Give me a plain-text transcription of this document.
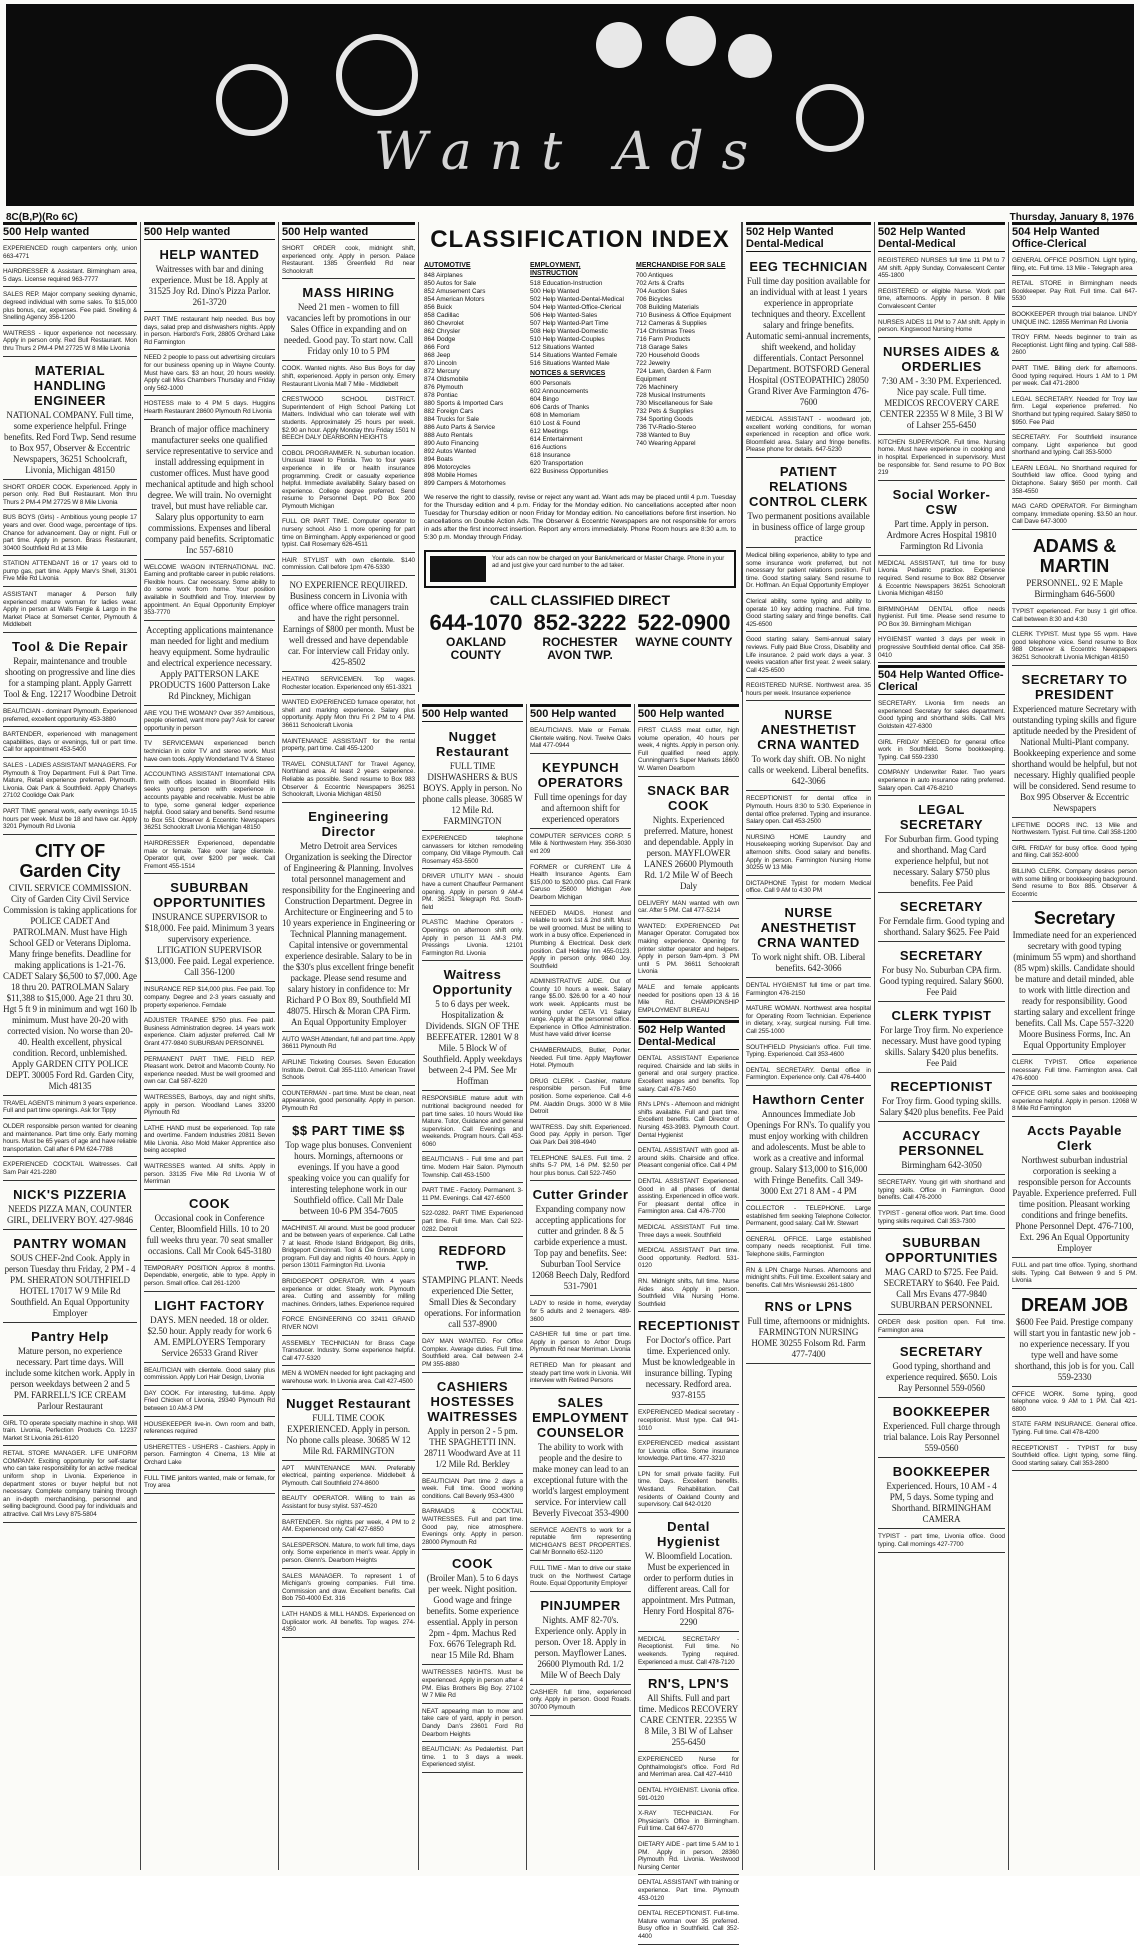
Want Ads
8C(B,P)(Ro 6C)	Thursday, January 8, 1976
500 Help wanted
EXPERIENCED rough carpenters only, union 663-4771
HAIRDRESSER & Assistant. Birmingham area, 5 days. License required 963-7777
SALES REP. Major company seeking dynamic, degreed individual with some sales. To $15,000 plus bonus, car, expenses. Fee paid. Snelling & Snelling Agency 356-1200
WAITRESS - liquor experience not necessary. Apply in person only. Red Bull Restaurant. Mon thru Thurs 2 PM-4 PM 27725 W 8 Mile Livonia
MATERIAL HANDLING ENGINEER
NATIONAL COMPANY. Full time, some experience helpful. Fringe benefits. Red Ford Twp. Send resume to Box 957, Observer & Eccentric Newspapers, 36251 Schoolcraft, Livonia, Michigan 48150
SHORT ORDER COOK. Experienced. Apply in person only. Red Bull Restaurant. Mon thru Thurs 2 PM-4 PM 27725 W 8 Mile Livonia
BUS BOYS (Girls) - Ambitious young people 17 years and over. Good wage, percentage of tips. Chance for advancement. Day or night. Full or part time. Apply in person. Brass Restaurant, 30400 Southfield Rd at 13 Mile
STATION ATTENDANT 16 or 17 years old to pump gas, part time. Apply Marv's Shell, 31301 Five Mile Rd Livonia
ASSISTANT manager & Person fully experienced mature woman for ladies wear. Apply in person at Walls Fergie & Largo in the Market Place at Somerset Center, Plymouth & Middlebelt
Tool & Die Repair
Repair, maintenance and trouble shooting on progressive and line dies for a stamping plant. Apply Garrett Tool & Eng. 12217 Woodbine Detroit
BEAUTICIAN - dominant Plymouth. Experienced preferred, excellent opportunity 453-3880
BARTENDER, experienced with management capabilities, days or evenings, full or part time. Call for appointment 453-5400
SALES - LADIES ASSISTANT MANAGERS. For Plymouth & Troy Department. Full & Part Time. Mature, Retail experience preferred. Plymouth. Livonia. Oak Park & Southfield. Apply Charleys 27102 Coolidge Oak Park
PART TIME general work, early evenings 10-15 hours per week. Must be 18 and have car. Apply 3201 Plymouth Rd Livonia
CITY OF Garden City
CIVIL SERVICE COMMISSION. City of Garden City Civil Service Commission is taking applications for POLICE CADET And PATROLMAN. Must have High School GED or Veterans Diploma. Many fringe benefits. Deadline for making applications is 1-21-76. CADET Salary $6,500 to $7,000. Age 18 thru 20. PATROLMAN Salary $11,388 to $15,000. Age 21 thru 30. Hgt 5 ft 9 in minimum and wgt 160 lb minimum. Must have 20-20 with corrected vision. No worse than 20-40. Health excellent, physical condition. Record, unblemished. Apply GARDEN CITY POLICE DEPT. 30005 Ford Rd. Garden City, Mich 48135
TRAVEL AGENTS minimum 3 years experience. Full and part time openings. Ask for Tippy
OLDER responsible person wanted for cleaning and maintenance. Part time only. Early morning hours. Must be 65 years of age and have reliable transportation. Call after 6 PM 624-7788
EXPERIENCED COCKTAIL Waitresses. Call Sam Pair 421-2280
NICK'S PIZZERIA
NEEDS PIZZA MAN, COUNTER GIRL, DELIVERY BOY. 427-9846
PANTRY WOMAN
SOUS CHEF-2nd Cook. Apply in person Tuesday thru Friday, 2 PM - 4 PM. SHERATON SOUTHFIELD HOTEL 17017 W 9 Mile Rd Southfield. An Equal Opportunity Employer
Pantry Help
Mature person, no experience necessary. Part time days. Will include some kitchen work. Apply in person weekdays between 2 and 5 PM. FARRELL'S ICE CREAM Parlour Restaurant
GIRL TO operate specialty machine in shop. Will train. Livonia, Perfection Products Co. 12237 Market St Livonia 261-6120
RETAIL STORE MANAGER. LIFE UNIFORM COMPANY. Exciting opportunity for self-starter who can take responsibility for an active medical uniform shop in Livonia. Experience in department stores or buyer helpful but not necessary. Complete company training through an in-depth merchandising, personnel and selling background. Good pay for individuals and attractive. Call Mrs Levy 875-5804
500 Help wanted
HELP WANTED
Waitresses with bar and dining experience. Must be 18. Apply at 31525 Joy Rd. Dino's Pizza Parlor. 261-3720
PART TIME restaurant help needed. Bus boy days, salad prep and dishwashers nights. Apply in person. Harbord's Fork, 28805 Orchard Lake Rd Farmington
NEED 2 people to pass out advertising circulars for our business opening up in Wayne County. Must have cars. $3 an hour, 20 hours weekly. Apply call Miss Chambers Thursday and Friday only 562-1000
HOSTESS male to 4 PM 5 days. Huggins Hearth Restaurant 28600 Plymouth Rd Livonia
Branch of major office machinery manufacturer seeks one qualified service representative to service and install addressing equipment in customer offices. Must have good mechanical aptitude and high school degree. We will train. No overnight travel, but must have reliable car. Salary plus opportunity to earn commissions. Expenses and liberal company paid benefits. Scriptomatic Inc 557-6810
WELCOME WAGON INTERNATIONAL INC. Earning and profitable career in public relations. Flexible hours. Car necessary. Some ability to do some work from home. Your position available in Southfield and Troy. Interview by appointment. An Equal Opportunity Employer 353-7770
Accepting applications maintenance man needed for light and medium heavy equipment. Some hydraulic and electrical experience necessary. Apply PATTERSON LAKE PRODUCTS 1600 Patterson Lake Rd Pinckney, Michigan
ARE YOU THE WOMAN? Over 35? Ambitious, people oriented, want more pay? Ask for career opportunity in person
TV SERVICEMAN experienced bench technician in color TV and stereo work. Must have own tools. Apply Wonderland TV & Stereo
ACCOUNTING ASSISTANT International CPA firm with offices located in Bloomfield Hills seeks young person with experience in accounts payable and receivable. Must be able to type, some general ledger experience helpful. Good salary and benefits. Send resume to Box 551 Observer & Eccentric Newspapers 36251 Schoolcraft Livonia Michigan 48150
HAIRDRESSER Experienced, dependable male or female. Take over large clientele. Operator quit, over $200 per week. Call Fremont 455-1514
SUBURBAN OPPORTUNITIES
INSURANCE SUPERVISOR to $18,000. Fee paid. Minimum 3 years supervisory experience. LITIGATION SUPERVISOR $13,000. Fee paid. Legal experience. Call 356-1200
INSURANCE REP $14,000 plus. Fee paid. Top company. Degree and 2-3 years casualty and property experience. Ferndale
ADJUSTER TRAINEE $750 plus. Fee paid. Business Administration degree. 14 years work experience. Claim adjuster preferred. Call Mr Grant 477-9840 SUBURBAN PERSONNEL
PERMANENT PART TIME. FIELD REP. Pleasant work. Detroit and Macomb County. No experience needed. Must be well groomed and own car. Call 587-6220
WAITRESSES, Barboys, day and night shifts, apply in person. Woodland Lanes 33200 Plymouth Rd
LATHE HAND must be experienced. Top rate and overtime. Fandem Industries 20811 Seven Mile Livonia. Also Mold Maker Apprentice also being accepted
WAITRESSES wanted. All shifts. Apply in person. 33135 Five Mile Rd Livonia W of Merriman
COOK
Occasional cook in Conference Center, Bloomfield Hills. 10 to 20 full weeks thru year. 70 seat smaller occasions. Call Mr Cook 645-3180
TEMPORARY POSITION Approx 8 months. Dependable, energetic, able to type. Apply in person. Small office. Call 261-1200
LIGHT FACTORY
DAYS. MEN needed. 18 or older. $2.50 hour. Apply ready for work 6 AM. EMPLOYERS Temporary Service 26533 Grand River
BEAUTICIAN with clientele. Good salary plus commission. Apply Lori Hair Design, Livonia
DAY COOK. For interesting, full-time. Apply Fried Chicken of Livonia, 29340 Plymouth Rd between 10 AM-3 PM
HOUSEKEEPER live-in. Own room and bath, references required
USHERETTES - USHERS - Cashiers. Apply in person. Farmington 4 Cinema, 13 Mile at Orchard Lake
FULL TIME janitors wanted, male or female, for Troy area
500 Help wanted
SHORT ORDER cook, midnight shift, experienced only. Apply in person. Palace Restaurant. 1385 Greenfield Rd near Schoolcraft
MASS HIRING
Need 21 men - women to fill vacancies left by promotions in our Sales Office in expanding and on needed. Good pay. To start now. Call Friday only 10 to 5 PM
COOK. Wanted nights. Also Bus Boys for day shift, experienced. Apply in person only. Emery Restaurant Livonia Mall 7 Mile - Middlebelt
CRESTWOOD SCHOOL DISTRICT. Superintendent of High School Parking Lot Matters. Individual who can tolerate well with students. Approximately 25 hours per week. $2.90 an hour. Apply Monday thru Friday 1501 N BEECH DALY DEARBORN HEIGHTS
COBOL PROGRAMMER. N. suburban location. Unusual travel to Florida. Two to four years experience in life or health insurance programming. Credit or casualty experience helpful. Immediate availability. Salary based on experience. College degree preferred. Send resume to Personnel Dept. PO Box 200 Plymouth Michigan
FULL OR PART TIME. Computer operator to nursery school. Also 1 more opening for part time on Birmingham. Apply experienced or good typist. Call Rosemary 626-4511
HAIR STYLIST with own clientele. $140 commission. Call before 1pm 476-5330
NO EXPERIENCE REQUIRED. Business concern in Livonia with office where office managers train and have the right personnel. Earnings of $800 per month. Must be well dressed and have dependable car. For interview call Friday only. 425-8502
HEATING SERVICEMEN. Top wages. Rochester location. Experienced only 651-3321
WANTED EXPERIENCED furnace operator, hot shell and marking experience. Salary plus opportunity. Apply Mon thru Fri 2 PM to 4 PM. 36611 Schoolcraft Livonia
MAINTENANCE ASSISTANT for the rental property, part time. Call 455-1200
TRAVEL CONSULTANT for Travel Agency, Northland area. At least 2 years experience. Reliable as possible. Send resume to Box 983 Observer & Eccentric Newspapers 36251 Schoolcraft, Livonia Michigan 48150
Engineering Director
Metro Detroit area Services Organization is seeking the Director of Engineering & Planning. Involves total personnel management and responsibility for the Engineering and Construction Department. Degree in Architecture or Engineering and 5 to 10 years experience in Engineering or Technical Planning management. Capital intensive or governmental experience desirable. Salary to be in the $30's plus excellent fringe benefit package. Please send resume and salary history in confidence to: Mr Richard P O Box 89, Southfield MI 48075. Hirsch & Moran CPA Firm. An Equal Opportunity Employer
AUTO WASH Attendant, full and part time. Apply 36611 Plymouth Rd
AIRLINE Ticketing Courses. Seven Education Institute. Detroit. Call 355-1110. American Travel Schools
COUNTERMAN - part time. Must be clean, neat appearance, good personality. Apply in person. Plymouth Rd
$$ PART TIME $$
Top wage plus bonuses. Convenient hours. Mornings, afternoons or evenings. If you have a good speaking voice you can qualify for interesting telephone work in our Southfield office. Call Mr Dale between 10-6 PM 354-7605
MACHINIST. All around. Must be good producer and be between years of experience. Call Lathe 7 at least. Rhode Island Bridgeport, Big drills, Bridgeport Cincinnati. Tool & Die Grinder. Long program. Full day and nights 40 hours. Apply in person 13011 Farmington Rd. Livonia
BRIDGEPORT OPERATOR. With 4 years experience or older. Steady work. Plymouth area. Cutting and assembly for milling machines. Grinders, lathes. Experience required
FORCE ENGINEERING CO 32411 GRAND RIVER NOVI
ASSEMBLY TECHNICIAN for Brass Cage Transducer. Industry. Some experience helpful. Call 477-5320
MEN & WOMEN needed for light packaging and warehouse work. In Livonia area. Call 427-4500
Nugget Restaurant
FULL TIME COOK EXPERIENCED. Apply in person. No phone calls please. 30685 W 12 Mile Rd. FARMINGTON
APT MAINTENANCE MAN. Preferably electrical, painting experience. Middlebelt & Plymouth. Call Southfield 274-8600
BEAUTY OPERATOR. Willing to train as Assistant for busy stylist. 537-4520
BARTENDER. Six nights per week, 4 PM to 2 AM. Experienced only. Call 427-6850
SALESPERSON. Mature, to work full time, days only. Some experience in men's wear. Apply in person. Glenn's. Dearborn Heights
SALES MANAGER. To represent 1 of Michigan's growing companies. Full time. Commission and draw. Excellent benefits. Call Bob 750-4000 Ext. 316
LATH HANDS & MILL HANDS. Experienced on Duplicator work. All benefits. Top wages. 274-4350
500 Help wanted
Nugget Restaurant
FULL TIME DISHWASHERS & BUS BOYS. Apply in person. No phone calls please. 30685 W 12 Mile Rd. FARMINGTON
EXPERIENCED telephone canvassers for kitchen remodeling company, Old Village Plymouth. Call Rosemary 453-5500
DRIVER UTILITY MAN - should have a current Chauffeur Permanent opening. Apply in person 9 AM-4 PM. 36251 Telegraph Rd. South-field
PLASTIC Machine Operators - Openings on afternoon shift only. Apply in person 11 AM-3 PM. Pressings Livonia. 12101 Farmington Rd. Livonia
Waitress Opportunity
5 to 6 days per week. Hospitalization & Dividends. SIGN OF THE BEEFEATER. 12801 W 8 Mile. 5 Block W of Southfield. Apply weekdays between 2-4 PM. See Mr Hoffman
RESPONSIBLE mature adult with nutritional background needed for part time sales. 10 hours Would like Mature. Tutor, Guidance and general supervision. Call Evenings and weekends. Program hours. Call 453-6060
BEAUTICIANS - Full time and part time. Modern Hair Salon. Plymouth Township. Call 453-1500
PART TIME - Factory. Permanent. 3-11 PM. Evenings. Call 427-6500
522-0282. PART TIME Experienced part time. Full time. Man. Call 522-0282. Detroit
REDFORD TWP.
STAMPING PLANT. Needs experienced Die Setter, Small Dies & Secondary operations. For information call 537-8900
DAY MAN WANTED. For Office Complex. Average duties. Full time. Southfield area. Call between 2-4 PM 355-8880
CASHIERS HOSTESSES WAITRESSES
Apply in person 2 - 5 pm. THE SPAGHETTI INN. 28711 Woodward Ave at 11 1/2 Mile Rd. Berkley
BEAUTICIAN Part time 2 days a week. Full time. Good working conditions. Call Beverly 953-4300
BARMAIDS & COCKTAIL WAITRESSES. Full and part time. Good pay, nice atmosphere. Evenings only. Apply in person. 28000 Plymouth Rd
COOK
(Broiler Man). 5 to 6 days per week. Night position. Good wage and fringe benefits. Some experience essential. Apply in person 2pm - 4pm. Machus Red Fox. 6676 Telegraph Rd. near 15 Mile Rd. Bham
WAITRESSES NIGHTS. Must be experienced. Apply in person after 4 PM. Elias Brothers Big Boy. 27102 W 7 Mile Rd
NEAT appearing man to mow and take care of yard, apply in person. Dandy Dan's 23601 Ford Rd Dearborn Heights
BEAUTICIAN: As Pedalerbist. Part time. 1 to 3 days a week. Experienced stylist.
500 Help wanted
BEAUTICIANS. Male or Female. Clientele waiting. Novi. Twelve Oaks Mall 477-0944
KEYPUNCH OPERATORS
Full time openings for day and afternoon shift for experienced operators
COMPUTER SERVICES CORP. 5 Mile & Northwestern Hwy. 356-3030 ext 209
FORMER or CURRENT Life & Health Insurance Agents. Earn $15,000 to $20,000 plus. Call Frank Caruso 25600 Michigan Ave Dearborn Michigan
NEEDED MAIDS. Honest and reliable to work 1st & 2nd shift. Must be well groomed. Must be willing to work in a busy office. Experienced in Plumbing & Electrical. Desk clerk position. Call Holiday Inn 455-0123. Apply in person only. 9840 Joy. Southfield
ADMINISTRATIVE AIDE. Out of County 10 hours a week. Salary range $5.00. $26.90 for a 40 hour work week. Applicants must be working under CETA V1 Salary range. Apply at the personnel office. Experience in Office Administration. Must have valid driver license
CHAMBERMAIDS, Butler, Porter. Needed. Full time. Apply Mayflower Hotel. Plymouth
DRUG CLERK - Cashier, mature responsible person. Full time position. Some experience. Call 4-6 PM. Aladdin Drugs. 3000 W 8 Mile Detroit
WAITRESS. Day shift. Experienced. Good pay. Apply in person. Tiger Oak Park Deli 398-4940
TELEPHONE SALES. Full time. 2 shifts 5-7 PM, 1-6 PM. $2.50 per hour plus bonus. Call 522-7450
Cutter Grinder
Expanding company now accepting applications for cutter and grinder. 8 & 5 carbide experience a must. Top pay and benefits. See: Suburban Tool Service 12068 Beech Daly, Redford 531-7901
LADY to reside in home, everyday for 5 adults and 2 teenagers. 489-3600
CASHIER full time or part time. Apply in person to Arbor Drugs Plymouth Rd near Merriman. Livonia
RETIRED Man for pleasant and steady part time work in Livonia. Will interview with Retired Persons
SALES EMPLOYMENT COUNSELOR
The ability to work with people and the desire to make money can lead to an exceptional future with the world's largest employment service. For interview call Beverly Fivecoat 353-4900
SERVICE AGENTS to work for a reputable firm representing MICHIGAN'S BEST PROPERTIES. Call Mr Bonnello 652-1120
FULL TIME - Man to drive our stake truck on the Northwest Cartage Route. Equal Opportunity Employer
PINJUMPER
Nights. AMF 82-70's. Experience only. Apply in person. Over 18. Apply in person. Mayflower Lanes. 26600 Plymouth Rd. 1/2 Mile W of Beech Daly
CASHIER full time, experienced only. Apply in person. Good Roads. 30700 Plymouth
500 Help wanted
FIRST CLASS meat cutter, high volume operation, 40 hours per week, 4 nights. Apply in person only. Full qualified need apply. Cunningham's Super Markets 18600 W. Warren Dearborn
SNACK BAR COOK
Nights. Experienced preferred. Mature, honest and dependable. Apply in person. MAYFLOWER LANES 26600 Plymouth Rd. 1/2 Mile W of Beech Daly
DELIVERY MAN wanted with own car. After 5 PM. Call 477-5214
WANTED: EXPERIENCED Pet Manager Operator. Corrugated box making experience. Opening for printer slotter operator and helpers. Apply in person 9am-4pm. 3 PM until 5 PM. 36611 Schoolcraft Livonia
MALE and female applicants needed for positions open 13 & 16 Mile Rd. CHAMPIONSHIP EMPLOYMENT BUREAU
502 Help Wanted Dental-Medical
DENTAL ASSISTANT Experience required. Chairside and lab skills in general and oral surgery practice. Excellent wages and benefits. Top salary. Call 478-7450
RN's LPN's - Afternoon and midnight shifts available. Full and part time. Excellent benefits. Call Director of Nursing 453-3983. Plymouth Court. Dental Hygienist
DENTAL ASSISTANT with good all-around skills. Chairside and office. Pleasant congenial office. Call 4 PM
DENTAL ASSISTANT Experienced. Good in all phases of dental assisting. Experienced in office work. For pleasant dental office in Farmington area. Call 476-7700
MEDICAL ASSISTANT Full time. Three days a week. Southfield
MEDICAL ASSISTANT Part time. Good opportunity. Redford. 531-0120
RN. Midnight shifts, full time. Nurse Aides also. Apply in person. Southfield Villa Nursing Home. Southfield
RECEPTIONIST
For Doctor's office. Part time. Experienced only. Must be knowledgeable in insurance billing. Typing necessary. Redford area. 937-8155
EXPERIENCED Medical secretary - receptionist. Must type. Call 941-1010
EXPERIENCED medical assistant for Livonia office. Some insurance knowledge. Part time. 477-3210
LPN for small private facility. Full time. Days. Excellent benefits. Westland. Rehabilitation. Call residents of Oakland County and supervisory. Call 642-0120
Dental Hygienist
W. Bloomfield Location. Must be experienced in order to perform duties in different areas. Call for appointment. Mrs Putman, Henry Ford Hospital 876-2290
MEDICAL SECRETARY - Receptionist. Full time. No weekends. Typing required. Experienced a must. Call 478-7120
RN'S, LPN'S
All Shifts. Full and part time. Medicos RECOVERY CARE CENTER. 22355 W 8 Mile, 3 Bl W of Lahser 255-6450
EXPERIENCED Nurse for Ophthalmologist's office. Ford Rd and Merriman area. Call 427-4410
DENTAL HYGIENIST. Livonia office. 591-0120
X-RAY TECHNICIAN. For Physician's Office in Birmingham. Full time. Call 647-6770
DIETARY AIDE - part time 5 AM to 1 PM. Apply in person. 28360 Plymouth Rd. Livonia. Westwood Nursing Center
DENTAL ASSISTANT with training or experience. Part time. Plymouth 453-0120
DENTAL RECEPTIONIST. Full-time. Mature woman over 35 preferred. Busy office in Southfield. Call 352-4400
502 Help Wanted Dental-Medical
EEG TECHNICIAN
Full time day position available for an individual with at least 1 years experience in appropriate techniques and theory. Excellent salary and fringe benefits. Automatic semi-annual increments, shift weekend, and holiday differentials. Contact Personnel Department. BOTSFORD General Hospital (OSTEOPATHIC) 28050 Grand River Ave Farmington 476-7600
MEDICAL ASSISTANT - woodward job, excellent working conditions, for woman experienced in reception and office work. Bloomfield area. Salary and fringe benefits. Please phone for details. 647-5230
PATIENT RELATIONS CONTROL CLERK
Two permanent positions available in business office of large group practice
Medical billing experience, ability to type and some insurance work preferred, but not necessary for patient relations position. Full time. Good starting salary. Send resume to Dr. Hoffman. An Equal Opportunity Employer
Clerical ability, some typing and ability to operate 10 key adding machine. Full time. Good starting salary and fringe benefits. Call 425-6500
Good starting salary. Semi-annual salary reviews. Fully paid Blue Cross, Disability and Life insurance. 2 paid work days a year. 3 weeks vacation after first year. 2 week salary. Call 425-6500
REGISTERED NURSE. Northwest area. 35 hours per week. Insurance experience
NURSE ANESTHETIST CRNA WANTED
To work day shift. OB. No night calls or weekend. Liberal benefits. 642-3066
RECEPTIONIST for dental office in Plymouth. Hours 8:30 to 5:30. Experience in dental office preferred. Typing and insurance. Salary open. Call 453-2500
NURSING HOME Laundry and Housekeeping working Supervisor. Day and afternoon shifts. Good salary and benefits. Apply in person. Farmington Nursing Home 30255 W 13 Mile
DICTAPHONE Typist for modern Medical office. Call 9 AM to 4:30 PM
NURSE ANESTHETIST CRNA WANTED
To work night shift. OB. Liberal benefits. 642-3066
DENTAL HYGIENIST full time or part time. Farmington 476-2150
MATURE WOMAN. Northwest area hospital for Operating Room Technician. Experience in dietary, x-ray, surgical nursing. Full time. Call 255-1000
SOUTHFIELD Physician's office. Full time. Typing. Experienced. Call 353-4600
DENTAL SECRETARY. Dental office in Farmington. Experience only. Call 476-4400
Hawthorn Center
Announces Immediate Job Openings For RN's. To qualify you must enjoy working with children and adolescents. Must be able to work as a creative and informal group. Salary $13,000 to $16,000 with Fringe Benefits. Call 349-3000 Ext 271 8 AM - 4 PM
COLLECTOR - TELEPHONE. Large established firm seeking Telephone Collector. Permanent, good salary. Call Mr. Stewart
GENERAL OFFICE. Large established company needs receptionist. Full time. Telephone skills, Farmington
RN & LPN Charge Nurses. Afternoons and midnight shifts. Full time. Excellent salary and benefits. Call Mrs Wisniewski 261-1800
RNS or LPNS
Full time, afternoons or midnights. FARMINGTON NURSING HOME 30255 Folsom Rd. Farm 477-7400
502 Help Wanted Dental-Medical
REGISTERED NURSES full time 11 PM to 7 AM shift. Apply Sunday, Convalescent Center 455-1800
REGISTERED or eligible Nurse. Work part time, afternoons. Apply in person. 8 Mile Convalescent Center
NURSES AIDES 11 PM to 7 AM shift. Apply in person. Kingswood Nursing Home
NURSES AIDES & ORDERLIES
7:30 AM - 3:30 PM. Experienced. Nice pay scale. Full time. MEDICOS RECOVERY CARE CENTER 22355 W 8 Mile, 3 Bl W of Lahser 255-6450
KITCHEN SUPERVISOR. Full time. Nursing home. Must have experience in cooking and in hospital. Experienced in supervisory. Must be responsible for. Send resume to PO Box 219
Social Worker-CSW
Part time. Apply in person. Ardmore Acres Hospital 19810 Farmington Rd Livonia
MEDICAL ASSISTANT, full time for busy Livonia Pediatric practice. Experience required. Send resume to Box 882 Observer & Eccentric Newspapers 36251 Schoolcraft Livonia Michigan 48150
BIRMINGHAM DENTAL office needs hygienist. Full time. Please send resume to PO Box 39. Birmingham Michigan
HYGIENIST wanted 3 days per week in progressive Southfield dental office. Call 358-0410
504 Help Wanted Office-Clerical
SECRETARY. Livonia firm needs an experienced Secretary for sales department. Good typing and shorthand skills. Call Mrs Goldstein 427-6300
GIRL FRIDAY NEEDED for general office work in Southfield. Some bookkeeping. Typing. Call 559-2330
COMPANY Underwriter Rater. Two years experience in auto insurance rating preferred. Salary open. Call 476-8210
LEGAL SECRETARY
For Suburban firm. Good typing and shorthand. Mag Card experience helpful, but not necessary. Salary $750 plus benefits. Fee Paid
SECRETARY
For Ferndale firm. Good typing and shorthand. Salary $625. Fee Paid
SECRETARY
For busy No. Suburban CPA firm. Good typing required. Salary $600. Fee Paid
CLERK TYPIST
For large Troy firm. No experience necessary. Must have good typing skills. Salary $420 plus benefits. Fee Paid
RECEPTIONIST
For Troy firm. Good typing skills. Salary $420 plus benefits. Fee Paid
ACCURACY PERSONNEL
Birmingham 642-3050
SECRETARY. Young girl with shorthand and typing skills. Office in Farmington. Good benefits. Call 476-2000
TYPIST - general office work. Part time. Good typing skills required. Call 353-7300
SUBURBAN OPPORTUNITIES
MAG CARD to $725. Fee Paid. SECRETARY to $640. Fee Paid. Call Mrs Evans 477-9840 SUBURBAN PERSONNEL
ORDER desk position open. Full time. Farmington area
SECRETARY
Good typing, shorthand and experience required. $650. Lois Ray Personnel 559-0560
BOOKKEEPER
Experienced. Full charge through trial balance. Lois Ray Personnel 559-0560
BOOKKEEPER
Experienced. Hours, 10 AM - 4 PM, 5 days. Some typing and Shorthand. BIRMINGHAM CAMERA
TYPIST - part time, Livonia office. Good typing. Call mornings 427-7700
504 Help Wanted Office-Clerical
GENERAL OFFICE POSITION. Light typing, filing, etc. Full time. 13 Mile - Telegraph area
RETAIL STORE in Birmingham needs Bookkeeper. Pay Roll. Full time. Call 647-5530
BOOKKEEPER through trial balance. LINDY UNIQUE INC. 12855 Merriman Rd Livonia
TROY FIRM. Needs beginner to train as Receptionist. Light filing and typing. Call 588-2600
PART TIME. Billing clerk for afternoons. Good typing required. Hours 1 AM to 1 PM per week. Call 471-2800
LEGAL SECRETARY. Needed for Troy law firm. Legal experience preferred. No Shorthand but typing required. Salary $850 to $950. Fee Paid
SECRETARY. For Southfield insurance company. Light experience but good shorthand and typing. Call 353-5000
LEARN LEGAL. No Shorthand required for Southfield law office. Good typing and Dictaphone. Salary $650 per month. Call 358-4550
MAG CARD OPERATOR. For Birmingham company. Immediate opening. $3.50 an hour. Call Dave 647-3000
ADAMS & MARTIN
PERSONNEL. 92 E Maple Birmingham 646-5600
TYPIST experienced. For busy 1 girl office. Call between 8:30 and 4:30
CLERK TYPIST. Must type 55 wpm. Have good telephone voice. Send resume to Box 988 Observer & Eccentric Newspapers 36251 Schoolcraft Livonia Michigan 48150
SECRETARY TO PRESIDENT
Experienced mature Secretary with outstanding typing skills and figure aptitude needed by the President of National Multi-Plant company. Bookkeeping experience and some shorthand would be helpful, but not necessary. Highly qualified people will be considered. Send resume to Box 995 Observer & Eccentric Newspapers
LIFETIME DOORS INC. 13 Mile and Northwestern. Typist. Full time. Call 358-1200
GIRL FRIDAY for busy office. Good typing and filing. Call 352-6000
BILLING CLERK. Company desires person with some billing or bookkeeping background. Send resume to Box 885. Observer & Eccentric
Secretary
Immediate need for an experienced secretary with good typing (minimum 55 wpm) and shorthand (85 wpm) skills. Candidate should be mature and detail minded, able to work with little direction and ready for responsibility. Good starting salary and excellent fringe benefits. Call Ms. Cape 557-3220 Moore Business Forms, Inc. An Equal Opportunity Employer
CLERK TYPIST. Office experience necessary. Full time. Farmington area. Call 476-6000
OFFICE GIRL some sales and bookkeeping experience helpful. Apply in person. 12068 W 8 Mile Rd Farmington
Accts Payable Clerk
Northwest suburban industrial corporation is seeking a responsible person for Accounts Payable. Experience preferred. Full time position. Pleasant working conditions and fringe benefits. Phone Personnel Dept. 476-7100, Ext. 296 An Equal Opportunity Employer
FULL and part time office. Typing, shorthand skills. Typing. Call Between 9 and 5 PM. Livonia
DREAM JOB
$600 Fee Paid. Prestige company will start you in fantastic new job - no experience necessary. If you type well and have some shorthand, this job is for you. Call 559-2330
OFFICE WORK. Some typing, good telephone voice. 9 AM to 1 PM. Call 421-6800
STATE FARM INSURANCE. General office. Typing. Full time. Call 478-4200
RECEPTIONIST - TYPIST for busy Southfield office. Light typing, some filing. Good starting salary. Call 353-2800
CLASSIFICATION INDEX
AUTOMOTIVE
848 Airplanes
850 Autos for Sale
852 Amusement Cars
854 American Motors
856 Buick
858 Cadillac
860 Chevrolet
862 Chrysler
864 Dodge
866 Ford
868 Jeep
870 Lincoln
872 Mercury
874 Oldsmobile
876 Plymouth
878 Pontiac
880 Sports & Imported Cars
882 Foreign Cars
884 Trucks for Sale
886 Auto Parts & Service
888 Auto Rentals
890 Auto Financing
892 Autos Wanted
894 Boats
896 Motorcycles
898 Mobile Homes
899 Campers & Motorhomes
EMPLOYMENT, INSTRUCTION
518 Education-Instruction
500 Help Wanted
502 Help Wanted-Dental-Medical
504 Help Wanted-Office-Clerical
506 Help Wanted-Sales
507 Help Wanted-Part Time
508 Help Wanted-Domestic
510 Help Wanted-Couples
512 Situations Wanted
514 Situations Wanted Female
516 Situations Wanted Male
NOTICES & SERVICES
600 Personals
602 Announcements
604 Bingo
606 Cards of Thanks
608 In Memoriam
610 Lost & Found
612 Meetings
614 Entertainment
616 Auctions
618 Insurance
620 Transportation
622 Business Opportunities
MERCHANDISE FOR SALE
700 Antiques
702 Arts & Crafts
704 Auction Sales
706 Bicycles
708 Building Materials
710 Business & Office Equipment
712 Cameras & Supplies
714 Christmas Trees
716 Farm Products
718 Garage Sales
720 Household Goods
722 Jewelry
724 Lawn, Garden & Farm Equipment
726 Machinery
728 Musical Instruments
730 Miscellaneous for Sale
732 Pets & Supplies
734 Sporting Goods
736 TV-Radio-Stereo
738 Wanted to Buy
740 Wearing Apparel
We reserve the right to classify, revise or reject any want ad. Want ads may be placed until 4 p.m. Tuesday for the Thursday edition and 4 p.m. Friday for the Monday edition. No cancellations accepted after noon Tuesday for Thursday edition or noon Friday for Monday edition. No cancellations before first insertion. No cancellations on Double Action Ads. The Observer & Eccentric Newspapers are not responsible for errors in ads after the first incorrect insertion. Report any errors immediately. Phone Room hours are 8:30 a.m. to 5:30 p.m. Monday through Friday.
Your ads can now be charged on your BankAmericard or Master Charge. Phone in your ad and just give your card number to the ad taker.
CALL CLASSIFIED DIRECT
644-1070
OAKLAND COUNTY
852-3222
ROCHESTER AVON TWP.
522-0900
WAYNE COUNTY
